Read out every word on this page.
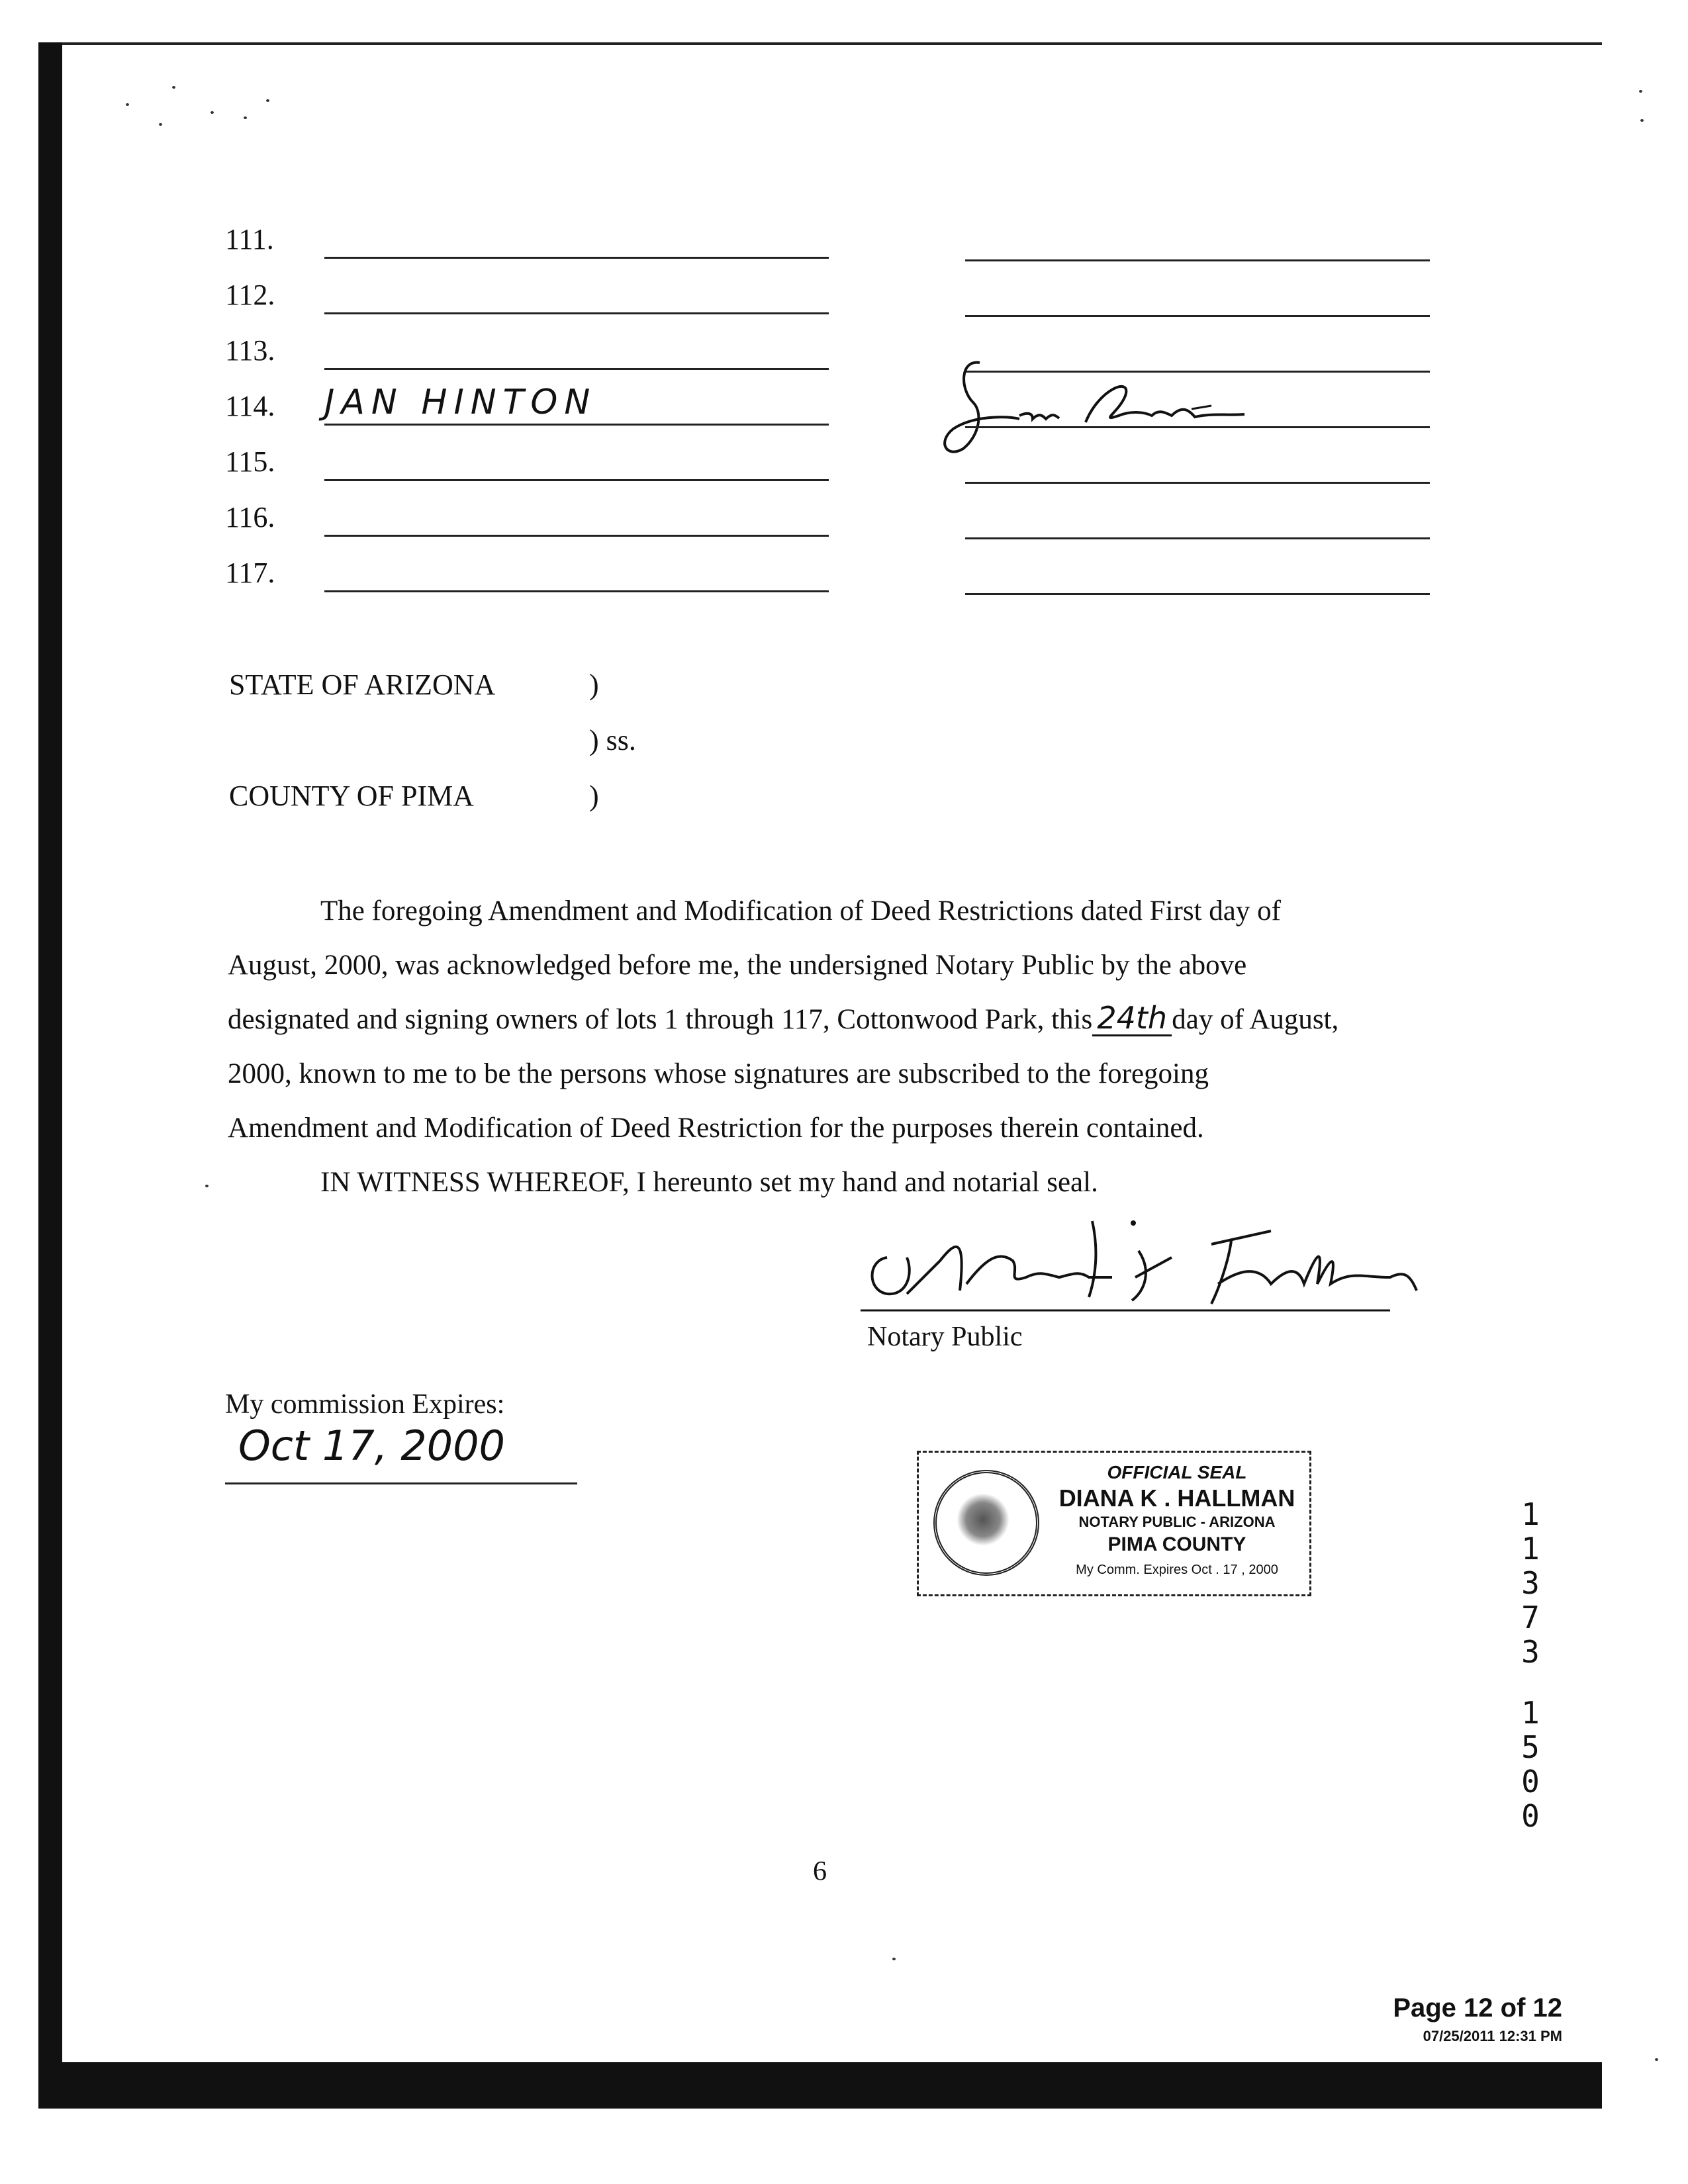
111.
112.
113.
114. JAN HINTON
115.
116.
117.
STATE OF ARIZONA	)
) ss.
COUNTY OF PIMA	)
The foregoing Amendment and Modification of Deed Restrictions dated First day of
August, 2000, was acknowledged before me, the undersigned Notary Public by the above
designated and signing owners of lots 1 through 117, Cottonwood Park, this 24th day of August,
2000, known to me to be the persons whose signatures are subscribed to the foregoing
Amendment and Modification of Deed Restriction for the purposes therein contained.
IN WITNESS WHEREOF, I hereunto set my hand and notarial seal.
Notary Public
My commission Expires:
Oct 17, 2000
OFFICIAL SEAL
DIANA K . HALLMAN
NOTARY PUBLIC - ARIZONA
PIMA COUNTY
My Comm. Expires Oct . 17 , 2000
1
1
3
7
3
1
5
0
0
6
Page 12 of 12
07/25/2011 12:31 PM
